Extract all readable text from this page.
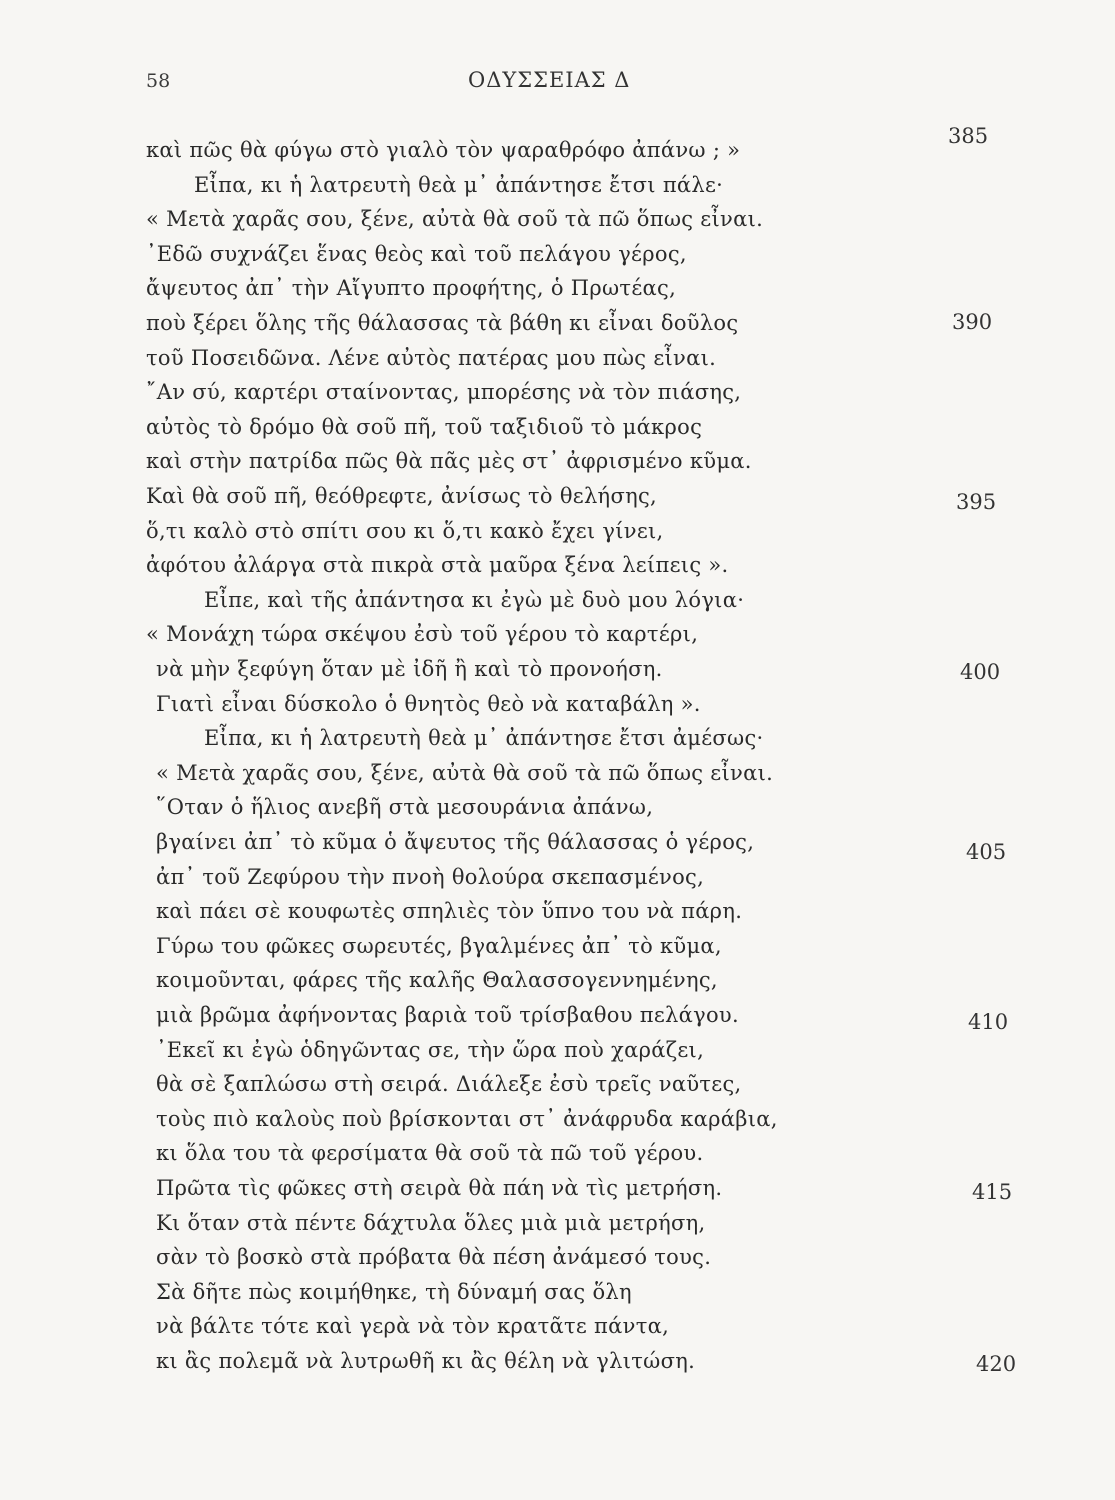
58	ΟΔΥΣΣΕΙΑΣ Δ
καὶ πῶς θὰ φύγω στὸ γιαλὸ τὸν ψαραθρόφο ἀπάνω ; »
Εἶπα, κι ἡ λατρευτὴ θεὰ μ᾽ ἀπάντησε ἔτσι πάλε·
« Μετὰ χαρᾶς σου, ξένε, αὐτὰ θὰ σοῦ τὰ πῶ ὅπως εἶναι.
᾽Εδῶ συχνάζει ἕνας θεὸς καὶ τοῦ πελάγου γέρος,
ἄψευτος ἀπ᾽ τὴν Αἴγυπτο προφήτης, ὁ Πρωτέας,
ποὺ ξέρει ὅλης τῆς θάλασσας τὰ βάθη κι εἶναι δοῦλος
τοῦ Ποσειδῶνα. Λένε αὐτὸς πατέρας μου πὼς εἶναι.
῎Αν σύ, καρτέρι σταίνοντας, μπορέσης νὰ τὸν πιάσης,
αὐτὸς τὸ δρόμο θὰ σοῦ πῆ, τοῦ ταξιδιοῦ τὸ μάκρος
καὶ στὴν πατρίδα πῶς θὰ πᾶς μὲς στ᾽ ἀφρισμένο κῦμα.
Καὶ θὰ σοῦ πῆ, θεόθρεφτε, ἀνίσως τὸ θελήσης,
ὅ,τι καλὸ στὸ σπίτι σου κι ὅ,τι κακὸ ἔχει γίνει,
ἀφότου ἀλάργα στὰ πικρὰ στὰ μαῦρα ξένα λείπεις ».
Εἶπε, καὶ τῆς ἀπάντησα κι ἐγὼ μὲ δυὸ μου λόγια·
« Μονάχη τώρα σκέψου ἐσὺ τοῦ γέρου τὸ καρτέρι,
νὰ μὴν ξεφύγη ὅταν μὲ ἰδῆ ἢ καὶ τὸ προνοήση.
Γιατὶ εἶναι δύσκολο ὁ θνητὸς θεὸ νὰ καταβάλη ».
Εἶπα, κι ἡ λατρευτὴ θεὰ μ᾽ ἀπάντησε ἔτσι ἀμέσως·
« Μετὰ χαρᾶς σου, ξένε, αὐτὰ θὰ σοῦ τὰ πῶ ὅπως εἶναι.
῞Οταν ὁ ἥλιος ανεβῆ στὰ μεσουράνια ἀπάνω,
βγαίνει ἀπ᾽ τὸ κῦμα ὁ ἄψευτος τῆς θάλασσας ὁ γέρος,
ἀπ᾽ τοῦ Ζεφύρου τὴν πνοὴ θολούρα σκεπασμένος,
καὶ πάει σὲ κουφωτὲς σπηλιὲς τὸν ὕπνο του νὰ πάρη.
Γύρω του φῶκες σωρευτές, βγαλμένες ἀπ᾽ τὸ κῦμα,
κοιμοῦνται, φάρες τῆς καλῆς Θαλασσογεννημένης,
μιὰ βρῶμα ἀφήνοντας βαριὰ τοῦ τρίσβαθου πελάγου.
᾽Εκεῖ κι ἐγὼ ὁδηγῶντας σε, τὴν ὥρα ποὺ χαράζει,
θὰ σὲ ξαπλώσω στὴ σειρά. Διάλεξε ἐσὺ τρεῖς ναῦτες,
τοὺς πιὸ καλοὺς ποὺ βρίσκονται στ᾽ ἀνάφρυδα καράβια,
κι ὅλα του τὰ φερσίματα θὰ σοῦ τὰ πῶ τοῦ γέρου.
Πρῶτα τὶς φῶκες στὴ σειρὰ θὰ πάη νὰ τὶς μετρήση.
Κι ὅταν στὰ πέντε δάχτυλα ὅλες μιὰ μιὰ μετρήση,
σὰν τὸ βοσκὸ στὰ πρόβατα θὰ πέση ἀνάμεσό τους.
Σὰ δῆτε πὼς κοιμήθηκε, τὴ δύναμή σας ὅλη
νὰ βάλτε τότε καὶ γερὰ νὰ τὸν κρατᾶτε πάντα,
κι ἂς πολεμᾶ νὰ λυτρωθῆ κι ἂς θέλη νὰ γλιτώση.
385
390
395
400
405
410
415
420
